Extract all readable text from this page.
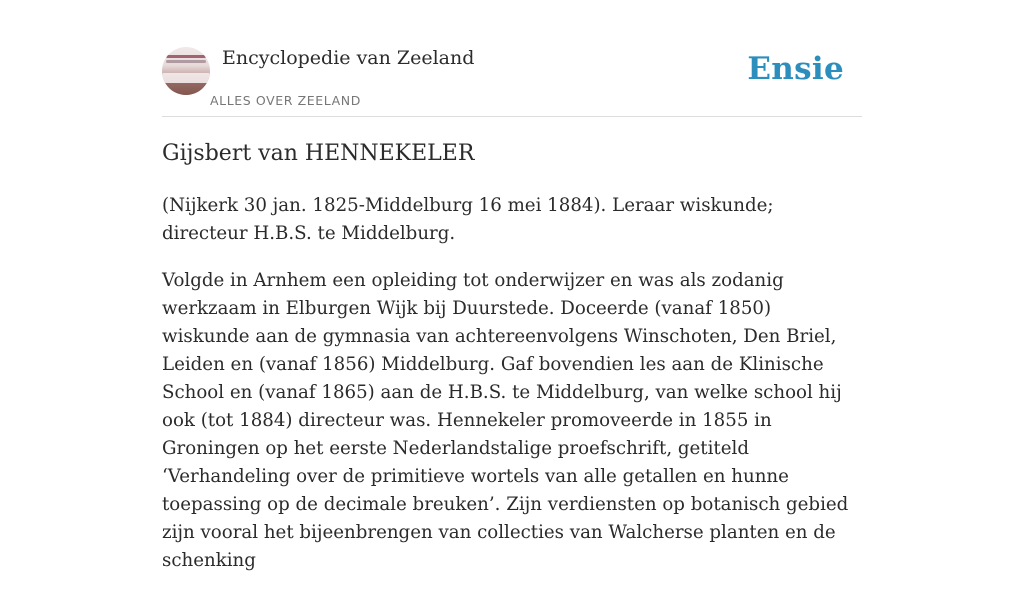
Encyclopedie van Zeeland
ALLES OVER ZEELAND
Ensie
Gijsbert van HENNEKELER

(Nijkerk 30 jan. 1825-Middelburg 16 mei 1884). Leraar wiskunde; directeur H.B.S. te Middelburg.

Volgde in Arnhem een opleiding tot onderwijzer en was als zodanig werkzaam in Elburgen Wijk bij Duurstede. Doceerde (vanaf 1850) wiskunde aan de gymnasia van achtereenvolgens Winschoten, Den Briel, Leiden en (vanaf 1856) Middelburg. Gaf bovendien les aan de Klinische School en (vanaf 1865) aan de H.B.S. te Middelburg, van welke school hij ook (tot 1884) directeur was. Hennekeler promoveerde in 1855 in Groningen op het eerste Nederlandstalige proefschrift, getiteld ‘Verhandeling over de primitieve wortels van alle getallen en hunne toepassing op de decimale breuken’. Zijn verdiensten op botanisch gebied zijn vooral het bijeenbrengen van collecties van Walcherse planten en de schenking
